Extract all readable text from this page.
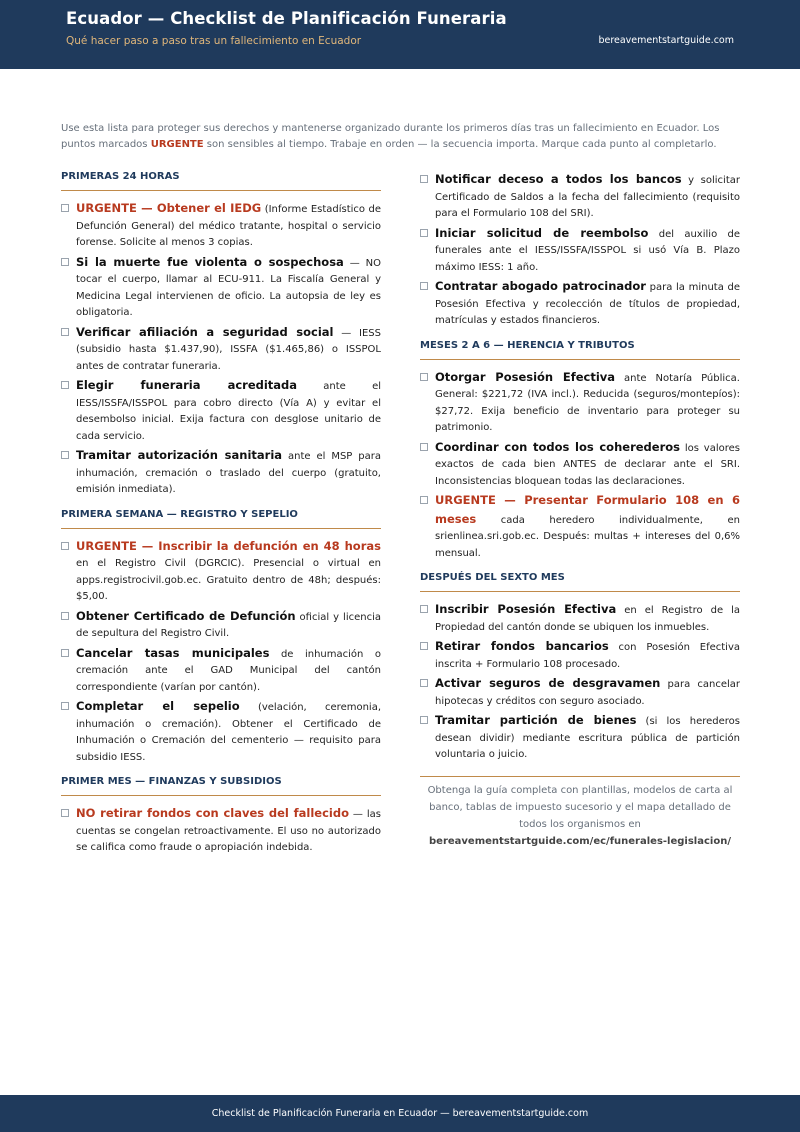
Ecuador — Checklist de Planificación Funeraria
Qué hacer paso a paso tras un fallecimiento en Ecuador	bereavementstartguide.com
Use esta lista para proteger sus derechos y mantenerse organizado durante los primeros días tras un fallecimiento en Ecuador. Los puntos marcados URGENTE son sensibles al tiempo. Trabaje en orden — la secuencia importa. Marque cada punto al completarlo.
PRIMERAS 24 HORAS
URGENTE — Obtener el IEDG (Informe Estadístico de Defunción General) del médico tratante, hospital o servicio forense. Solicite al menos 3 copias.
Si la muerte fue violenta o sospechosa — NO tocar el cuerpo, llamar al ECU-911. La Fiscalía General y Medicina Legal intervienen de oficio. La autopsia de ley es obligatoria.
Verificar afiliación a seguridad social — IESS (subsidio hasta $1.437,90), ISSFA ($1.465,86) o ISSPOL antes de contratar funeraria.
Elegir funeraria acreditada ante el IESS/ISSFA/ISSPOL para cobro directo (Vía A) y evitar el desembolso inicial. Exija factura con desglose unitario de cada servicio.
Tramitar autorización sanitaria ante el MSP para inhumación, cremación o traslado del cuerpo (gratuito, emisión inmediata).
PRIMERA SEMANA — REGISTRO Y SEPELIO
URGENTE — Inscribir la defunción en 48 horas en el Registro Civil (DGRCIC). Presencial o virtual en apps.registrocivil.gob.ec. Gratuito dentro de 48h; después: $5,00.
Obtener Certificado de Defunción oficial y licencia de sepultura del Registro Civil.
Cancelar tasas municipales de inhumación o cremación ante el GAD Municipal del cantón correspondiente (varían por cantón).
Completar el sepelio (velación, ceremonia, inhumación o cremación). Obtener el Certificado de Inhumación o Cremación del cementerio — requisito para subsidio IESS.
PRIMER MES — FINANZAS Y SUBSIDIOS
NO retirar fondos con claves del fallecido — las cuentas se congelan retroactivamente. El uso no autorizado se califica como fraude o apropiación indebida.
Notificar deceso a todos los bancos y solicitar Certificado de Saldos a la fecha del fallecimiento (requisito para el Formulario 108 del SRI).
Iniciar solicitud de reembolso del auxilio de funerales ante el IESS/ISSFA/ISSPOL si usó Vía B. Plazo máximo IESS: 1 año.
Contratar abogado patrocinador para la minuta de Posesión Efectiva y recolección de títulos de propiedad, matrículas y estados financieros.
MESES 2 A 6 — HERENCIA Y TRIBUTOS
Otorgar Posesión Efectiva ante Notaría Pública. General: $221,72 (IVA incl.). Reducida (seguros/montepíos): $27,72. Exija beneficio de inventario para proteger su patrimonio.
Coordinar con todos los coherederos los valores exactos de cada bien ANTES de declarar ante el SRI. Inconsistencias bloquean todas las declaraciones.
URGENTE — Presentar Formulario 108 en 6 meses cada heredero individualmente, en srienlinea.sri.gob.ec. Después: multas + intereses del 0,6% mensual.
DESPUÉS DEL SEXTO MES
Inscribir Posesión Efectiva en el Registro de la Propiedad del cantón donde se ubiquen los inmuebles.
Retirar fondos bancarios con Posesión Efectiva inscrita + Formulario 108 procesado.
Activar seguros de desgravamen para cancelar hipotecas y créditos con seguro asociado.
Tramitar partición de bienes (si los herederos desean dividir) mediante escritura pública de partición voluntaria o juicio.
Obtenga la guía completa con plantillas, modelos de carta al banco, tablas de impuesto sucesorio y el mapa detallado de todos los organismos en
bereavementstartguide.com/ec/funerales-legislacion/
Checklist de Planificación Funeraria en Ecuador — bereavementstartguide.com
